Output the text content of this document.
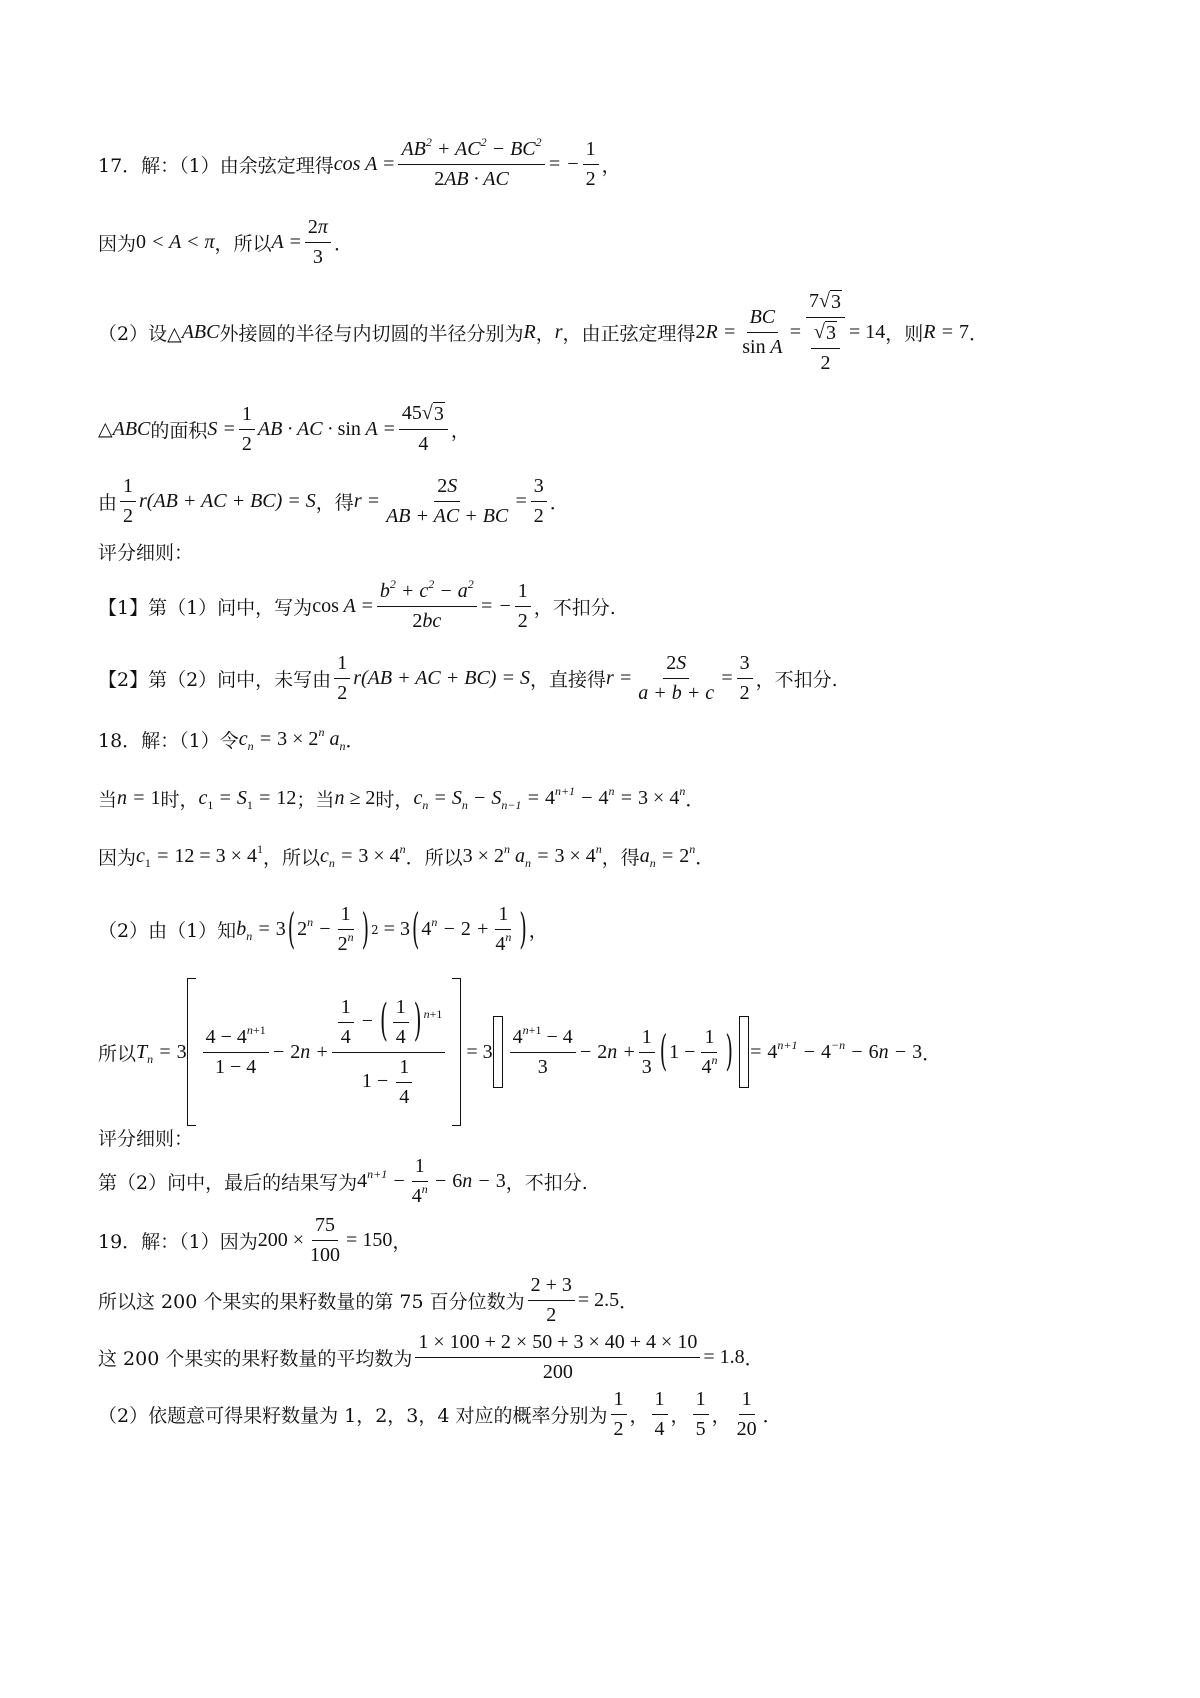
17．解：（1）由余弦定理得 $\cos A = \frac{AB^2 + AC^2 - BC^2}{2AB \cdot AC}$ = − $\frac{1}{2}$ ，
因为 0 < A < π ，所以 $A = \frac{2\pi}{3}$ ．
（2）设△ ABC 外接圆的半径与内切圆的半径分别为 R ， r ，由正弦定理得 $2R = \frac{BC}{\text{sin A}} = \frac{7 √ 3}{\frac{√ 3}{2}} = 14$ ，则 R = 7 ．
△ ABC 的面积 $S = \frac{1}{2}$ AB · AC · $\sin A = \frac{45 √ 3}{4}$ ，
由 $\frac{1}{2} r(AB$ + AC + BC) = S ，得 $r = \frac{2S}{AB + AC + BC} = \frac{3}{2}$ ．
评分细则：
【1】第（1）问中，写为 $\cos A = \frac{b^2 + c^2 - a^2}{2bc}$ = − $\frac{1}{2}$ ，不扣分.
【2】第（2）问中，未写由 $\frac{1}{2} r(AB$ + AC + BC) = S ，直接得 $r = \frac{2S}{a + b + c} = \frac{3}{2}$ ，不扣分.
18．解：（1）令 $c_n = 3 \times 2^n$ $a_n$ ．
当 n = 1 时， $c_1 = S_1 = 12$ ；当 n ≥ 2 时， $c_n = S_n - S_{n-1} = 4^{n+1} - 4^n = 3 \times 4^n$ ．
因为 $c_1 = 12 = 3 \times 4^1$ ，所以 $c_n = 3 \times 4^n$ ．所以 $3 \times 2^n$ $a_n = 3 \times 4^n$ ，得 $a_n = 2^n$ ．
（2）由（1）知 $b_n = 3$ ( $2^n - \frac{1}{2^n}$ ) 2 = 3 ( $4^n - 2 + \frac{1}{4^n}$ ) ，
所以 $T_n = 3 \frac{4 - 4^{n+1}}{1 - 4} - 2n + \frac{\frac{1}{4} - ( \frac{1}{4} ) ^{n+1}}{1 - \frac{1}{4}} = 3 \frac{4^{n+1} - 4}{3} - 2n + \frac{1}{3}$ ( $1 - \frac{1}{4^n}$ ) = $4^{n+1} - 4^{-n} - 6n - 3$ ．
评分细则：
第（2）问中，最后的结果写为 $4^{n+1} - \frac{1}{4^n} - 6n - 3$ ，不扣分.
19．解：（1）因为 $200 \times \frac{75}{100} = 150$ ，
所以这 200 个果实的果籽数量的第 75 百分位数为 $\frac{2 + 3}{2} = 2.5$ ．
这 200 个果实的果籽数量的平均数为 $\frac{1 \times 100 + 2 \times 50 + 3 \times 40 + 4 \times 10}{200} = 1.8$ ．
（2）依题意可得果籽数量为 1，2，3，4 对应的概率分别为 $\frac{1}{2}$ ， $\frac{1}{4}$ ， $\frac{1}{5}$ ， $\frac{1}{20}$ ．
